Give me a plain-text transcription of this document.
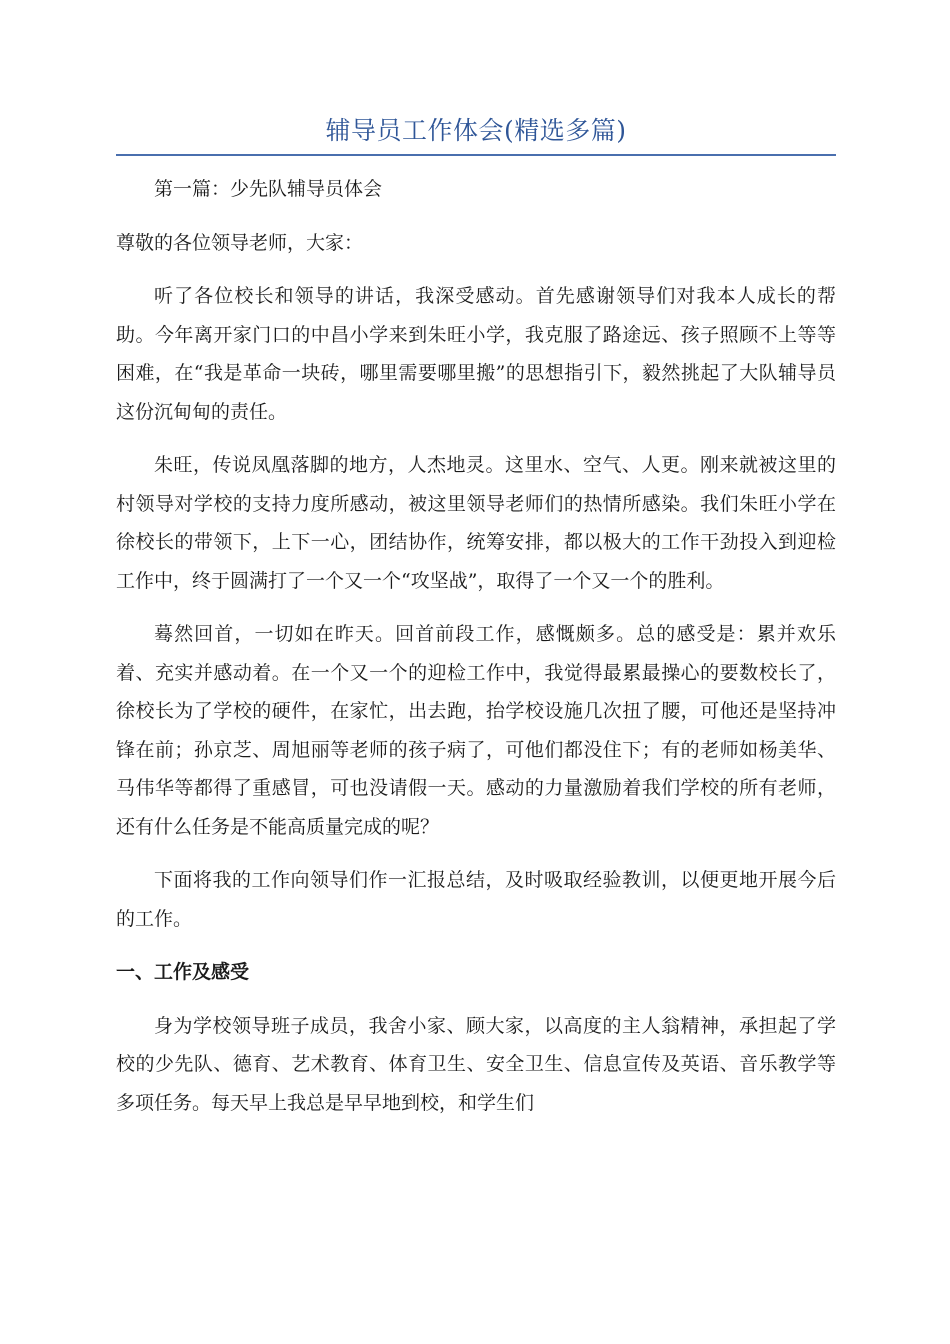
辅导员工作体会(精选多篇)

第一篇：少先队辅导员体会

尊敬的各位领导老师，大家：

听了各位校长和领导的讲话，我深受感动。首先感谢领导们对我本人成长的帮助。今年离开家门口的中昌小学来到朱旺小学，我克服了路途远、孩子照顾不上等等困难，在“我是革命一块砖，哪里需要哪里搬”的思想指引下，毅然挑起了大队辅导员这份沉甸甸的责任。

朱旺，传说凤凰落脚的地方，人杰地灵。这里水、空气、人更。刚来就被这里的村领导对学校的支持力度所感动，被这里领导老师们的热情所感染。我们朱旺小学在徐校长的带领下，上下一心，团结协作，统筹安排，都以极大的工作干劲投入到迎检工作中，终于圆满打了一个又一个“攻坚战”，取得了一个又一个的胜利。

蓦然回首，一切如在昨天。回首前段工作，感慨颇多。总的感受是：累并欢乐着、充实并感动着。在一个又一个的迎检工作中，我觉得最累最操心的要数校长了，徐校长为了学校的硬件，在家忙，出去跑，抬学校设施几次扭了腰，可他还是坚持冲锋在前；孙京芝、周旭丽等老师的孩子病了，可他们都没住下；有的老师如杨美华、马伟华等都得了重感冒，可也没请假一天。感动的力量激励着我们学校的所有老师，还有什么任务是不能高质量完成的呢？

下面将我的工作向领导们作一汇报总结，及时吸取经验教训，以便更地开展今后的工作。

一、工作及感受

身为学校领导班子成员，我舍小家、顾大家，以高度的主人翁精神，承担起了学校的少先队、德育、艺术教育、体育卫生、安全卫生、信息宣传及英语、音乐教学等多项任务。每天早上我总是早早地到校，和学生们
